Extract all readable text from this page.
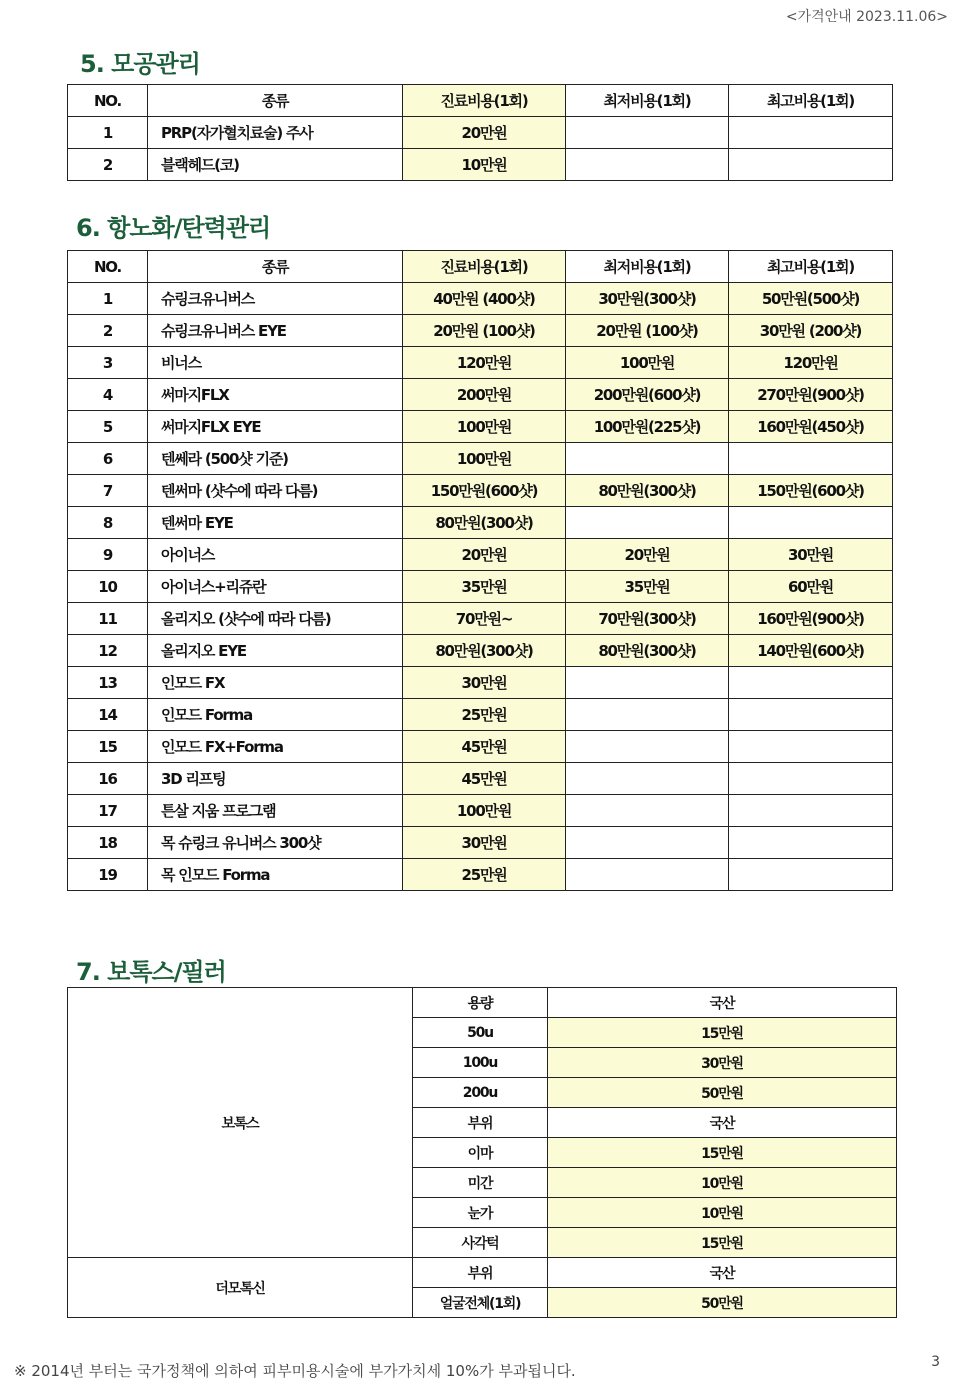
<가격안내 2023.11.06>
5. 모공관리
NO.	종류	진료비용(1회)	최저비용(1회)	최고비용(1회)
1	PRP(자가혈치료술) 주사	20만원		
2	블랙헤드(코)	10만원		
6. 항노화/탄력관리
NO.	종류	진료비용(1회)	최저비용(1회)	최고비용(1회)
1	슈링크유니버스	40만원 (400샷)	30만원(300샷)	50만원(500샷)
2	슈링크유니버스 EYE	20만원 (100샷)	20만원 (100샷)	30만원 (200샷)
3	비너스	120만원	100만원	120만원
4	써마지FLX	200만원	200만원(600샷)	270만원(900샷)
5	써마지FLX EYE	100만원	100만원(225샷)	160만원(450샷)
6	텐쎄라 (500샷 기준)	100만원		
7	텐써마 (샷수에 따라 다름)	150만원(600샷)	80만원(300샷)	150만원(600샷)
8	텐써마 EYE	80만원(300샷)		
9	아이너스	20만원	20만원	30만원
10	아이너스+리쥬란	35만원	35만원	60만원
11	올리지오 (샷수에 따라 다름)	70만원~	70만원(300샷)	160만원(900샷)
12	올리지오 EYE	80만원(300샷)	80만원(300샷)	140만원(600샷)
13	인모드 FX	30만원		
14	인모드 Forma	25만원		
15	인모드 FX+Forma	45만원		
16	3D 리프팅	45만원		
17	튼살 지움 프로그램	100만원		
18	목 슈링크 유니버스 300샷	30만원		
19	목 인모드 Forma	25만원		
7. 보톡스/필러
보톡스	용량	국산
	50u	15만원
	100u	30만원
	200u	50만원
	부위	국산
	이마	15만원
	미간	10만원
	눈가	10만원
	사각턱	15만원
더모톡신	부위	국산
	얼굴전체(1회)	50만원
※ 2014년 부터는 국가정책에 의하여 피부미용시술에 부가가치세 10%가 부과됩니다.	3
